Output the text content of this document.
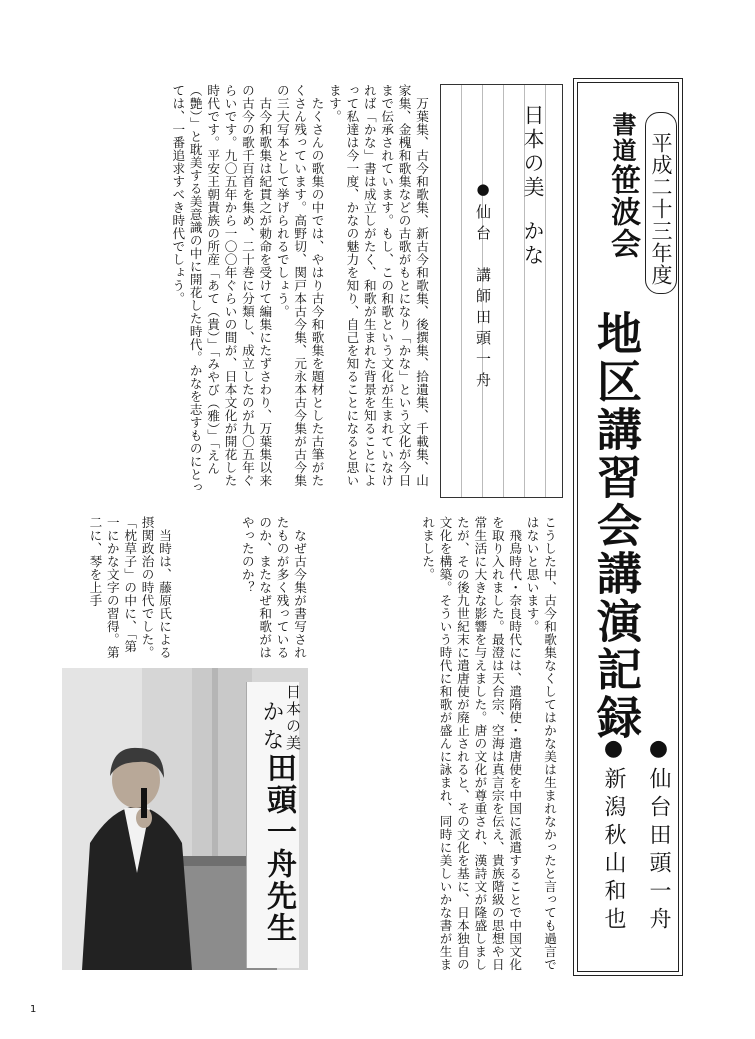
平成二十三年度
書道笹波会
地区講習会講演記録
●仙台田頭一舟
●新潟秋山和也
日本の美かな
●仙台　講師田頭一舟

万葉集、古今和歌集、新古今和歌集、後撰集、拾遺集、千載集、山家集、金槐和歌集などの古歌がもとになり「かな」という文化が今日まで伝承されています。もし、この和歌という文化が生まれていなければ「かな」書は成立しがたく、和歌が生まれた背景を知ることによって私達は今一度、かなの魅力を知り、自己を知ることになると思います。

たくさんの歌集の中では、やはり古今和歌集を題材とした古筆がたくさん残っています。高野切、関戸本古今集、元永本古今集が古今集の三大写本として挙げられるでしょう。

古今和歌集は紀貫之が勅命を受けて編集にたずさわり、万葉集以来の古今の歌千百首を集め、二十巻に分類し、成立したのが九〇五年ぐらいです。九〇五年から一〇〇年ぐらいの間が、日本文化が開花した時代です。平安王朝貴族の所産「あて（貴）」「みやび（雅）」「えん（艶）」と耽美する美意識の中に開花した時代。かなを志すものにとっては、一番追求すべき時代でしょう。

こうした中、古今和歌集なくしてはかな美は生まれなかったと言っても過言ではないと思います。

飛鳥時代・奈良時代には、遣隋使・遣唐使を中国に派遣することで中国文化を取り入れました。最澄は天台宗、空海は真言宗を伝え、貴族階級の思想や日常生活に大きな影響を与えました。唐の文化が尊重され、漢詩文が隆盛しましたが、その後九世紀末に遣唐使が廃止されると、その文化を基に、日本独自の文化を構築。そういう時代に和歌が盛んに詠まれ、同時に美しいかな書が生まれました。

なぜ古今集が書写されたものが多く残っているのか、またなぜ和歌がはやったのか？

当時は、藤原氏による摂関政治の時代でした。「枕草子」の中に、「第一にかな文字の習得。第二に、琴を上手

日本の美
かな
田頭一舟先生
1
